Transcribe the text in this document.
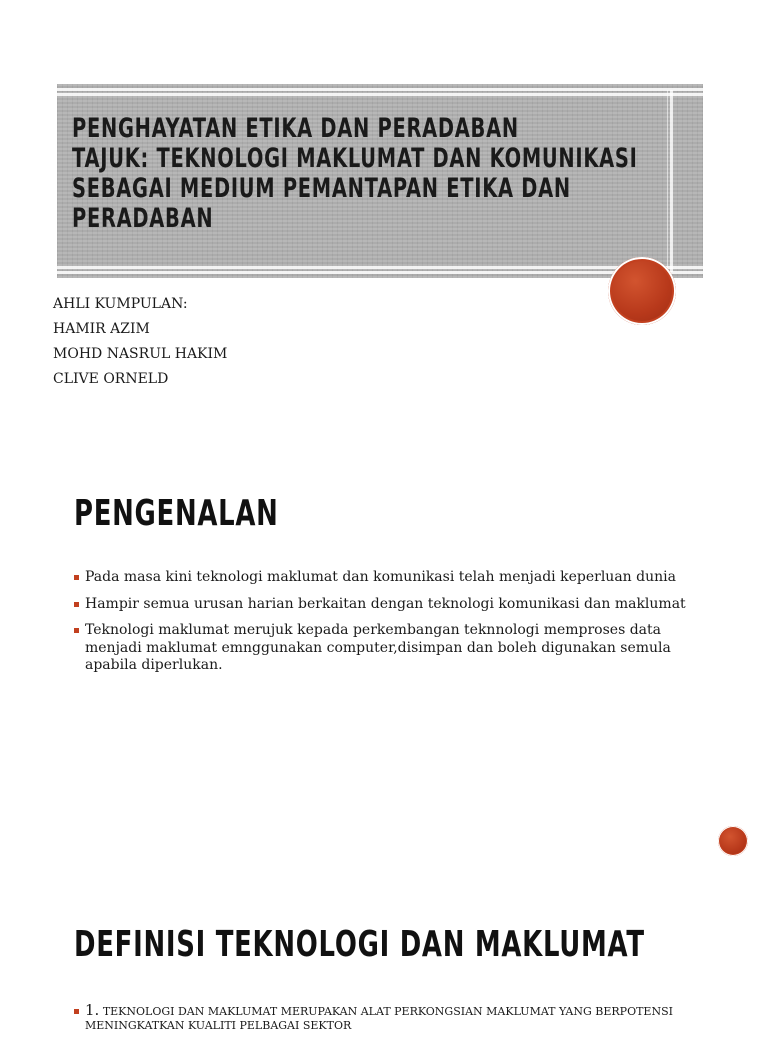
PENGHAYATAN ETIKA DAN PERADABAN
TAJUK: TEKNOLOGI MAKLUMAT DAN KOMUNIKASI
SEBAGAI MEDIUM PEMANTAPAN ETIKA DAN
PERADABAN
AHLI KUMPULAN:
HAMIR AZIM
MOHD NASRUL HAKIM
CLIVE ORNELD
PENGENALAN
Pada masa kini teknologi maklumat dan komunikasi telah menjadi keperluan dunia
Hampir semua urusan harian berkaitan dengan teknologi komunikasi dan maklumat
Teknologi maklumat merujuk kepada perkembangan teknnologi memproses data menjadi maklumat emnggunakan computer,disimpan dan boleh digunakan semula apabila diperlukan.
DEFINISI TEKNOLOGI DAN MAKLUMAT
1. TEKNOLOGI DAN MAKLUMAT MERUPAKAN ALAT PERKONGSIAN MAKLUMAT YANG BERPOTENSI MENINGKATKAN KUALITI PELBAGAI SEKTOR
